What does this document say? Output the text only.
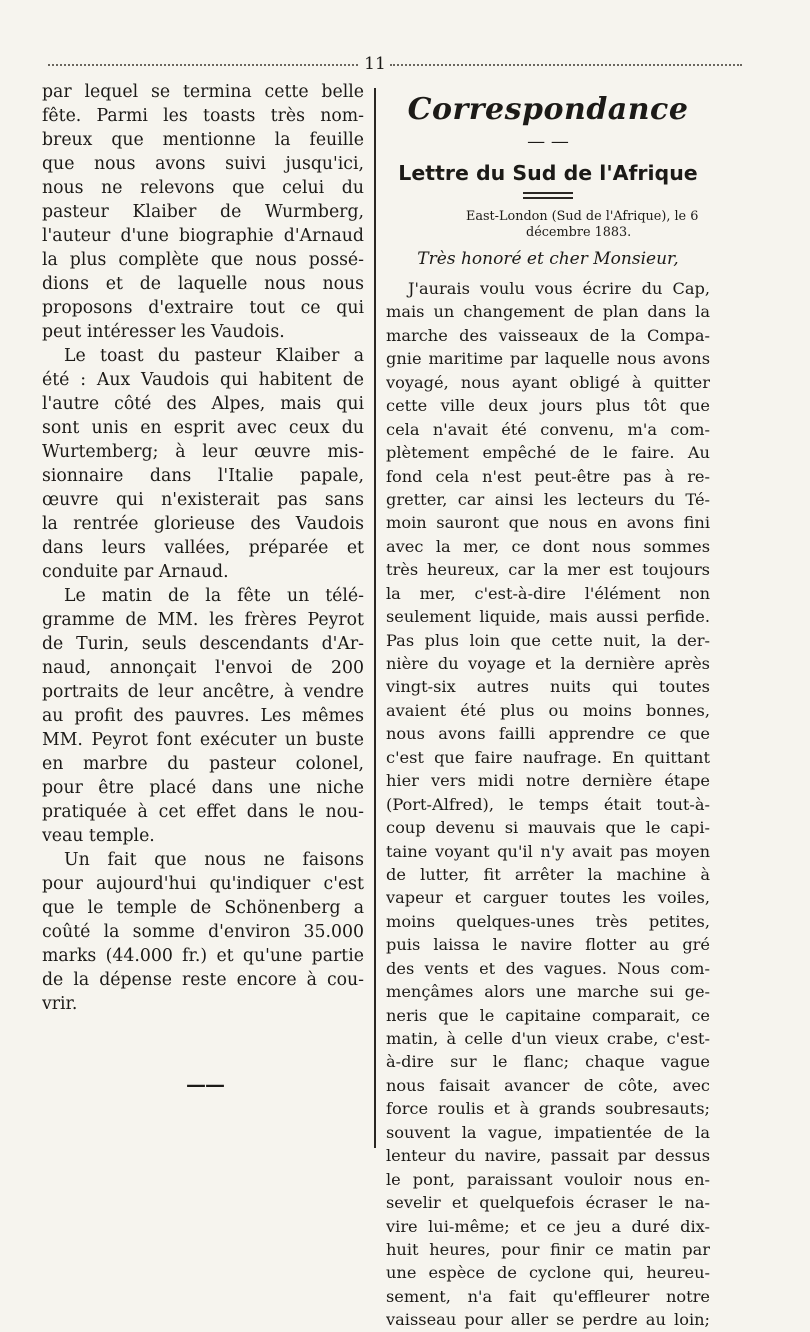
11
par lequel se termina cette belle
fête. Parmi les toasts très nom-
breux que mentionne la feuille
que nous avons suivi jusqu'ici,
nous ne relevons que celui du
pasteur Klaiber de Wurmberg,
l'auteur d'une biographie d'Arnaud
la plus complète que nous possé-
dions et de laquelle nous nous
proposons d'extraire tout ce qui
peut intéresser les Vaudois.
Le toast du pasteur Klaiber a
été : Aux Vaudois qui habitent de
l'autre côté des Alpes, mais qui
sont unis en esprit avec ceux du
Wurtemberg; à leur œuvre mis-
sionnaire dans l'Italie papale,
œuvre qui n'existerait pas sans
la rentrée glorieuse des Vaudois
dans leurs vallées, préparée et
conduite par Arnaud.
Le matin de la fête un télé-
gramme de MM. les frères Peyrot
de Turin, seuls descendants d'Ar-
naud, annonçait l'envoi de 200
portraits de leur ancêtre, à vendre
au profit des pauvres. Les mêmes
MM. Peyrot font exécuter un buste
en marbre du pasteur colonel,
pour être placé dans une niche
pratiquée à cet effet dans le nou-
veau temple.
Un fait que nous ne faisons
pour aujourd'hui qu'indiquer c'est
que le temple de Schönenberg a
coûté la somme d'environ 35.000
marks (44.000 fr.) et qu'une partie
de la dépense reste encore à cou-
vrir.
——
Correspondance
— —
Lettre du Sud de l'Afrique
East-London (Sud de l'Afrique), le 6
décembre 1883.
Très honoré et cher Monsieur,
J'aurais voulu vous écrire du Cap,
mais un changement de plan dans la
marche des vaisseaux de la Compa-
gnie maritime par laquelle nous avons
voyagé, nous ayant obligé à quitter
cette ville deux jours plus tôt que
cela n'avait été convenu, m'a com-
plètement empêché de le faire. Au
fond cela n'est peut-être pas à re-
gretter, car ainsi les lecteurs du Té-
moin sauront que nous en avons fini
avec la mer, ce dont nous sommes
très heureux, car la mer est toujours
la mer, c'est-à-dire l'élément non
seulement liquide, mais aussi perfide.
Pas plus loin que cette nuit, la der-
nière du voyage et la dernière après
vingt-six autres nuits qui toutes
avaient été plus ou moins bonnes,
nous avons failli apprendre ce que
c'est que faire naufrage. En quittant
hier vers midi notre dernière étape
(Port-Alfred), le temps était tout-à-
coup devenu si mauvais que le capi-
taine voyant qu'il n'y avait pas moyen
de lutter, fit arrêter la machine à
vapeur et carguer toutes les voiles,
moins quelques-unes très petites,
puis laissa le navire flotter au gré
des vents et des vagues. Nous com-
mençâmes alors une marche sui ge-
neris que le capitaine comparait, ce
matin, à celle d'un vieux crabe, c'est-
à-dire sur le flanc; chaque vague
nous faisait avancer de côte, avec
force roulis et à grands soubresauts;
souvent la vague, impatientée de la
lenteur du navire, passait par dessus
le pont, paraissant vouloir nous en-
sevelir et quelquefois écraser le na-
vire lui-même; et ce jeu a duré dix-
huit heures, pour finir ce matin par
une espèce de cyclone qui, heureu-
sement, n'a fait qu'effleurer notre
vaisseau pour aller se perdre au loin;
